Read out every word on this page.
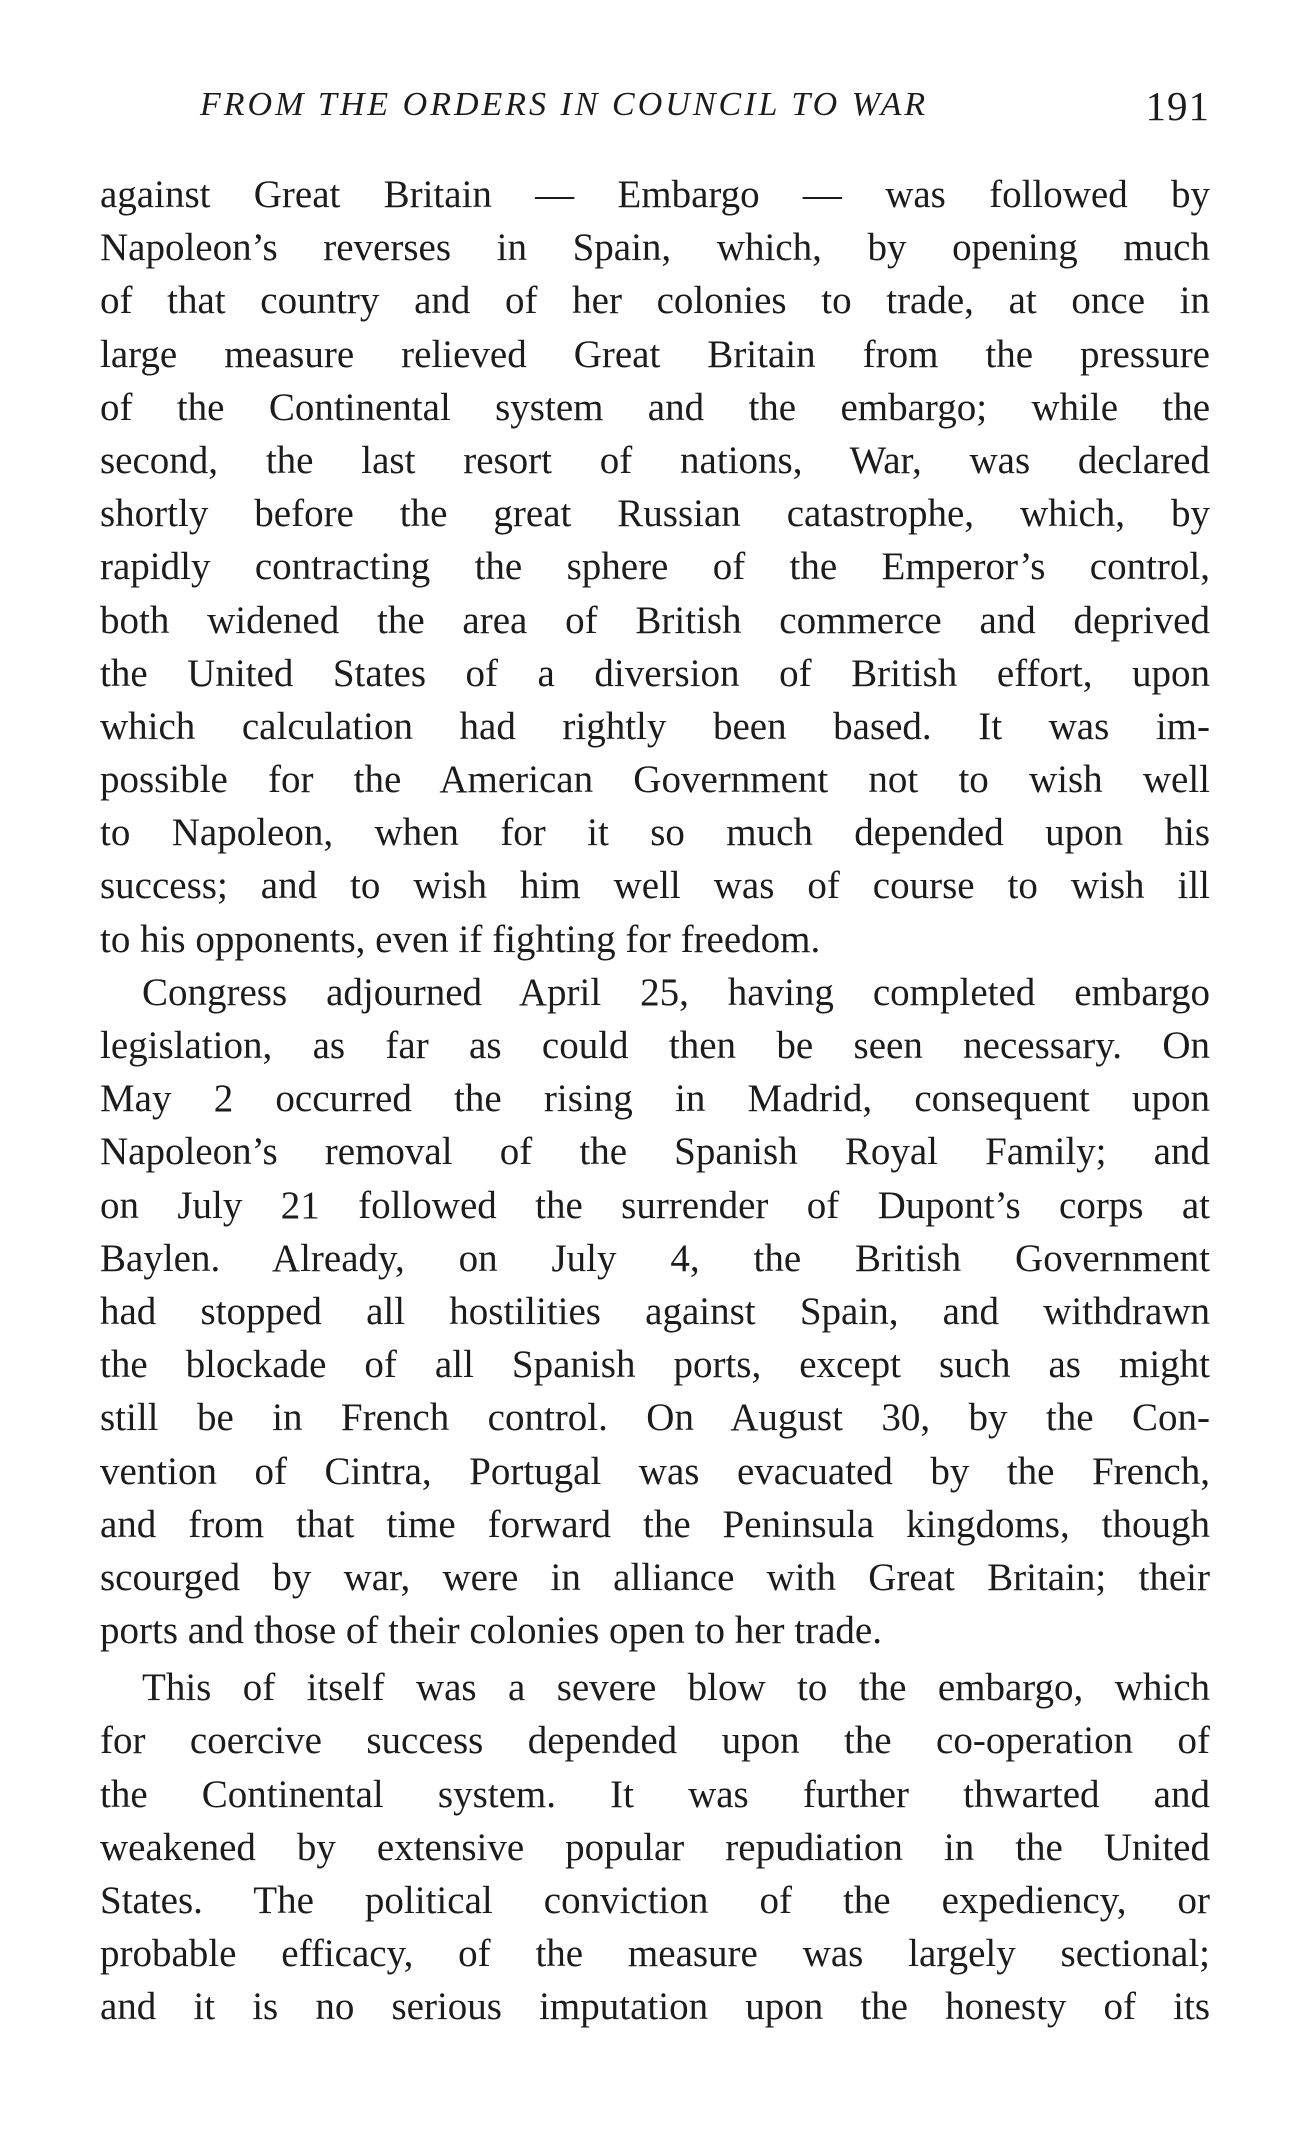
FROM THE ORDERS IN COUNCIL TO WAR	191
against Great Britain — Embargo — was followed by
Napoleon’s reverses in Spain, which, by opening much
of that country and of her colonies to trade, at once in
large measure relieved Great Britain from the pressure
of the Continental system and the embargo; while the
second, the last resort of nations, War, was declared
shortly before the great Russian catastrophe, which, by
rapidly contracting the sphere of the Emperor’s control,
both widened the area of British commerce and deprived
the United States of a diversion of British effort, upon
which calculation had rightly been based. It was im-
possible for the American Government not to wish well
to Napoleon, when for it so much depended upon his
success; and to wish him well was of course to wish ill
to his opponents, even if fighting for freedom.
Congress adjourned April 25, having completed embargo
legislation, as far as could then be seen necessary. On
May 2 occurred the rising in Madrid, consequent upon
Napoleon’s removal of the Spanish Royal Family; and
on July 21 followed the surrender of Dupont’s corps at
Baylen. Already, on July 4, the British Government
had stopped all hostilities against Spain, and withdrawn
the blockade of all Spanish ports, except such as might
still be in French control. On August 30, by the Con-
vention of Cintra, Portugal was evacuated by the French,
and from that time forward the Peninsula kingdoms, though
scourged by war, were in alliance with Great Britain; their
ports and those of their colonies open to her trade.
This of itself was a severe blow to the embargo, which
for coercive success depended upon the co-operation of
the Continental system. It was further thwarted and
weakened by extensive popular repudiation in the United
States. The political conviction of the expediency, or
probable efficacy, of the measure was largely sectional;
and it is no serious imputation upon the honesty of its
